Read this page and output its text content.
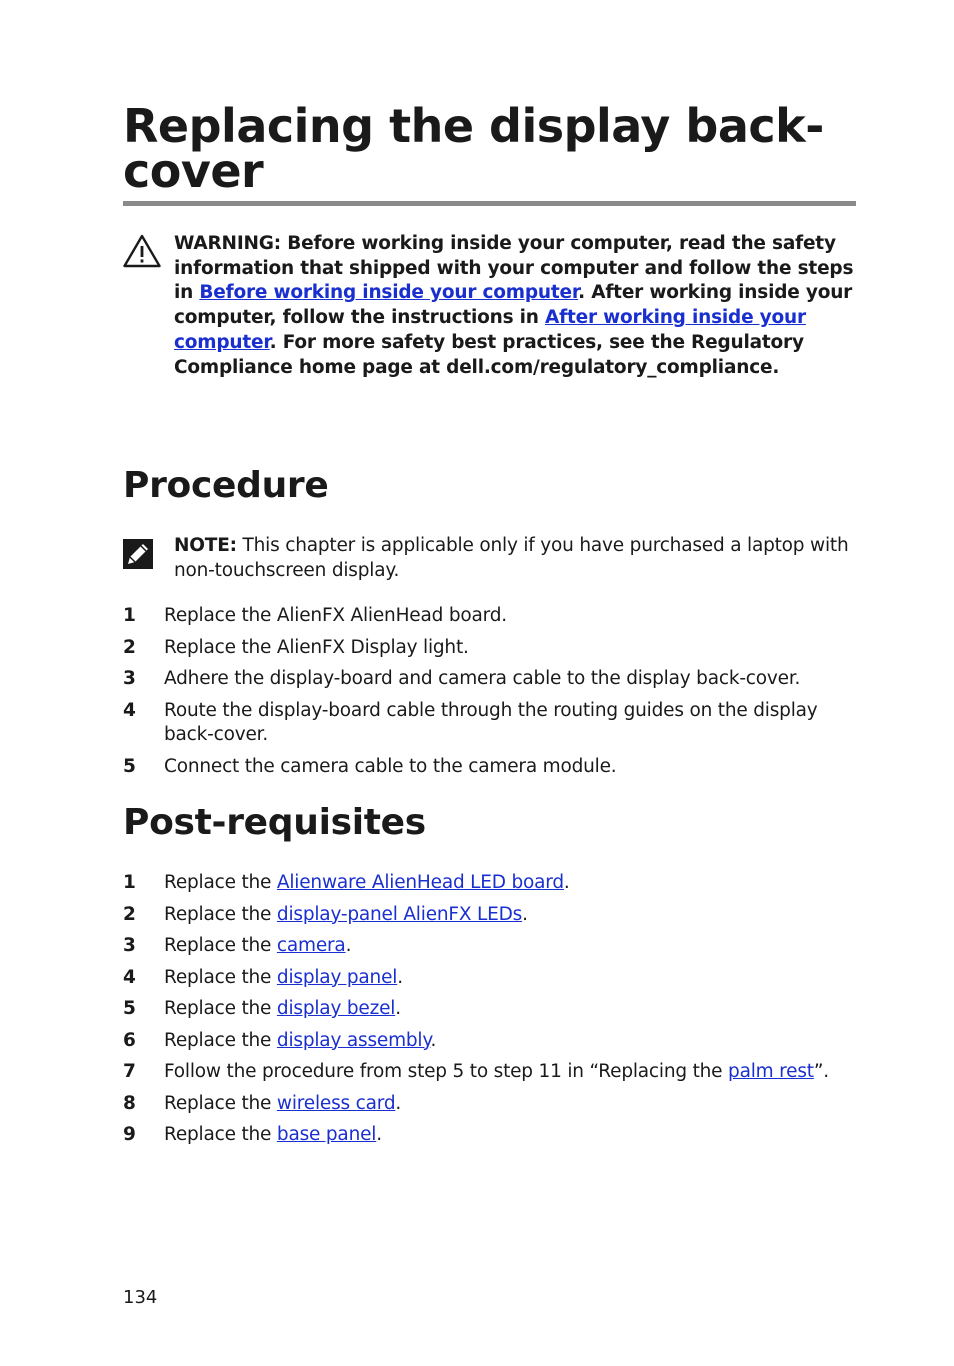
Replacing the display back-
cover
WARNING: Before working inside your computer, read the safety information that shipped with your computer and follow the steps in Before working inside your computer. After working inside your computer, follow the instructions in After working inside your computer. For more safety best practices, see the Regulatory Compliance home page at dell.com/regulatory_compliance.
Procedure
NOTE: This chapter is applicable only if you have purchased a laptop with non-touchscreen display.
1 Replace the AlienFX AlienHead board.
2 Replace the AlienFX Display light.
3 Adhere the display-board and camera cable to the display back-cover.
4 Route the display-board cable through the routing guides on the display back-cover.
5 Connect the camera cable to the camera module.
Post-requisites
1 Replace the Alienware AlienHead LED board.
2 Replace the display-panel AlienFX LEDs.
3 Replace the camera.
4 Replace the display panel.
5 Replace the display bezel.
6 Replace the display assembly.
7 Follow the procedure from step 5 to step 11 in “Replacing the palm rest”.
8 Replace the wireless card.
9 Replace the base panel.
134
